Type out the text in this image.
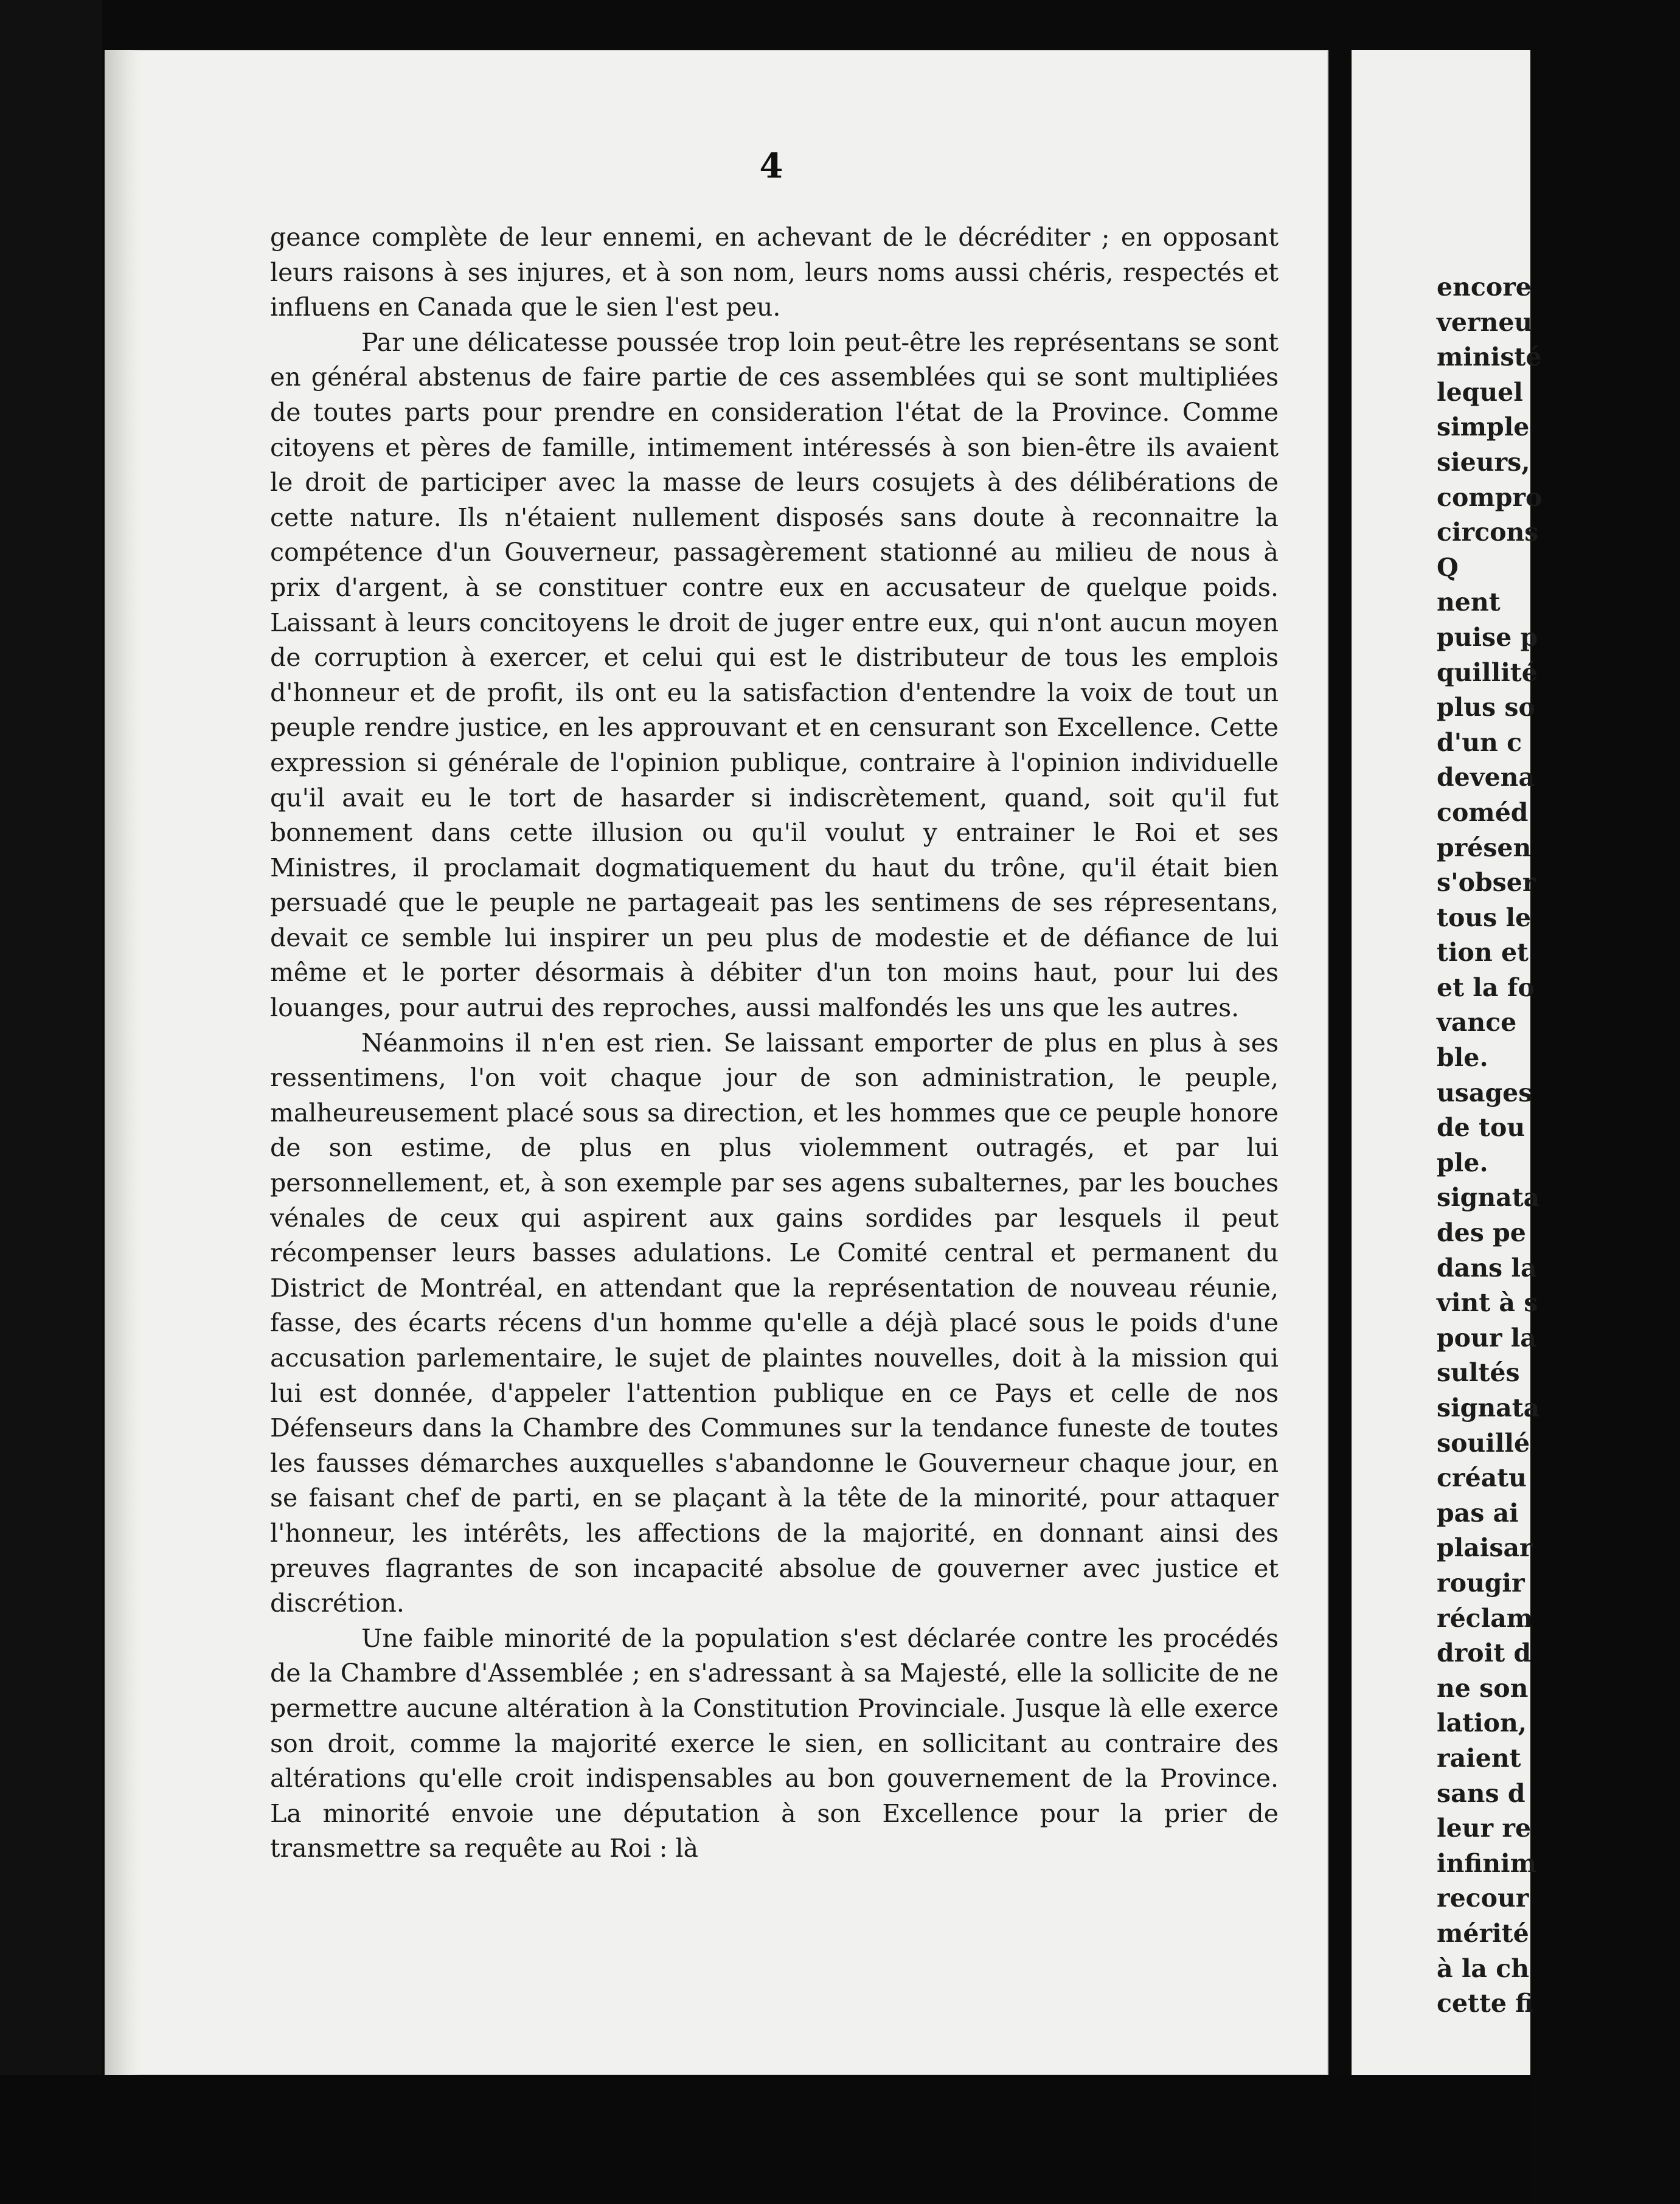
4

geance complète de leur ennemi, en achevant de le décréditer ; en opposant leurs raisons à ses injures, et à son nom, leurs noms aussi chéris, respectés et influens en Canada que le sien l'est peu.

Par une délicatesse poussée trop loin peut-être les représentans se sont en général abstenus de faire partie de ces assemblées qui se sont multipliées de toutes parts pour prendre en consideration l'état de la Province. Comme citoyens et pères de famille, intimement intéressés à son bien-être ils avaient le droit de participer avec la masse de leurs cosujets à des délibérations de cette nature. Ils n'étaient nullement disposés sans doute à reconnaitre la compétence d'un Gouverneur, passagèrement stationné au milieu de nous à prix d'argent, à se constituer contre eux en accusateur de quelque poids. Laissant à leurs concitoyens le droit de juger entre eux, qui n'ont aucun moyen de corruption à exercer, et celui qui est le distributeur de tous les emplois d'honneur et de profit, ils ont eu la satisfaction d'entendre la voix de tout un peuple rendre justice, en les approuvant et en censurant son Excellence. Cette expression si générale de l'opinion publique, contraire à l'opinion individuelle qu'il avait eu le tort de hasarder si indiscrètement, quand, soit qu'il fut bonnement dans cette illusion ou qu'il voulut y entrainer le Roi et ses Ministres, il proclamait dogmatiquement du haut du trône, qu'il était bien persuadé que le peuple ne partageait pas les sentimens de ses répresentans, devait ce semble lui inspirer un peu plus de modestie et de défiance de lui même et le porter désormais à débiter d'un ton moins haut, pour lui des louanges, pour autrui des reproches, aussi malfondés les uns que les autres.

Néanmoins il n'en est rien. Se laissant emporter de plus en plus à ses ressentimens, l'on voit chaque jour de son administration, le peuple, malheureusement placé sous sa direction, et les hommes que ce peuple honore de son estime, de plus en plus violemment outragés, et par lui personnellement, et, à son exemple par ses agens subalternes, par les bouches vénales de ceux qui aspirent aux gains sordides par lesquels il peut récompenser leurs basses adulations. Le Comité central et permanent du District de Montréal, en attendant que la représentation de nouveau réunie, fasse, des écarts récens d'un homme qu'elle a déjà placé sous le poids d'une accusation parlementaire, le sujet de plaintes nouvelles, doit à la mission qui lui est donnée, d'appeler l'attention publique en ce Pays et celle de nos Défenseurs dans la Chambre des Communes sur la tendance funeste de toutes les fausses démarches auxquelles s'abandonne le Gouverneur chaque jour, en se faisant chef de parti, en se plaçant à la tête de la minorité, pour attaquer l'honneur, les intérêts, les affections de la majorité, en donnant ainsi des preuves flagrantes de son incapacité absolue de gouverner avec justice et discrétion.

Une faible minorité de la population s'est déclarée contre les procédés de la Chambre d'Assemblée ; en s'adressant à sa Majesté, elle la sollicite de ne permettre aucune altération à la Constitution Provinciale. Jusque là elle exerce son droit, comme la majorité exerce le sien, en sollicitant au contraire des altérations qu'elle croit indispensables au bon gouvernement de la Province. La minorité envoie une députation à son Excellence pour la prier de transmettre sa requête au Roi : là

encore
verneu
ministé
lequel
simple
sieurs,
compro
circons
Q
nent
puise p
quillité
plus so
d'un c
devena
coméd
présen
s'obser
tous le
tion et
et la fo
vance
ble.
usages
de tou
ple.
signata
des pe
dans la
vint à s
pour la
sultés
signata
souillé
créatu
pas ai
plaisar
rougir
réclam
droit d
ne son
lation,
raient
sans d
leur re
infinim
recour
mérité
à la ch
cette fi
